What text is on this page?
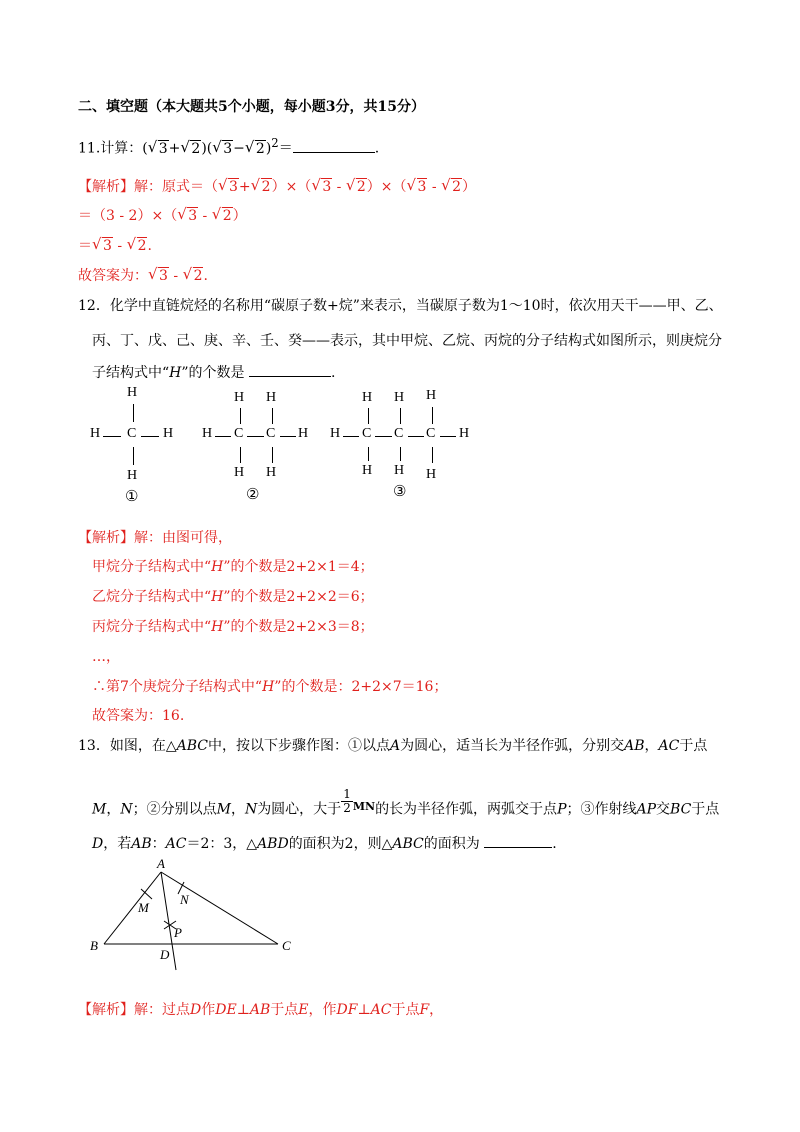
二、填空题（本大题共5个小题，每小题3分，共15分）
11.计算：( √ 3+ √ 2)( √ 3− √ 2)$^2$＝	.
【解析】解：原式＝（ √ 3+ √ 2）×（ √ 3 - √ 2）×（ √ 3 - √ 2）
＝（3 - 2）×（ √ 3 - √ 2）
＝ √ 3 - √ 2.
故答案为： √ 3 - √ 2.
12．化学中直链烷烃的名称用“碳原子数+烷”来表示，当碳原子数为1～10时，依次用天干——甲、乙、
丙、丁、戊、己、庚、辛、壬、癸——表示，其中甲烷、乙烷、丙烷的分子结构式如图所示，则庚烷分
子结构式中“H”的个数是	.
H
H C H
H
①
H H
H C C H
H H
②
H H H
H C C C H
H H H
③
【解析】解：由图可得，
甲烷分子结构式中“H”的个数是2+2×1＝4；
乙烷分子结构式中“H”的个数是2+2×2＝6；
丙烷分子结构式中“H”的个数是2+2×3＝8；
…，
∴第7个庚烷分子结构式中“H”的个数是：2+2×7＝16；
故答案为：16.
13．如图，在△ABC中，按以下步骤作图：①以点A为圆心，适当长为半径作弧，分别交AB，AC于点
M，N；②分别以点M，N为圆心，大于 $\frac{1}{2} ^{MN}$的长为半径作弧，两弧交于点P；③作射线AP交BC于点
D，若AB：AC＝2：3，△ABD的面积为2，则△ABC的面积为	.
A
B	C
D
M
N
P
【解析】解：过点D作DE⊥AB于点E，作DF⊥AC于点F，
